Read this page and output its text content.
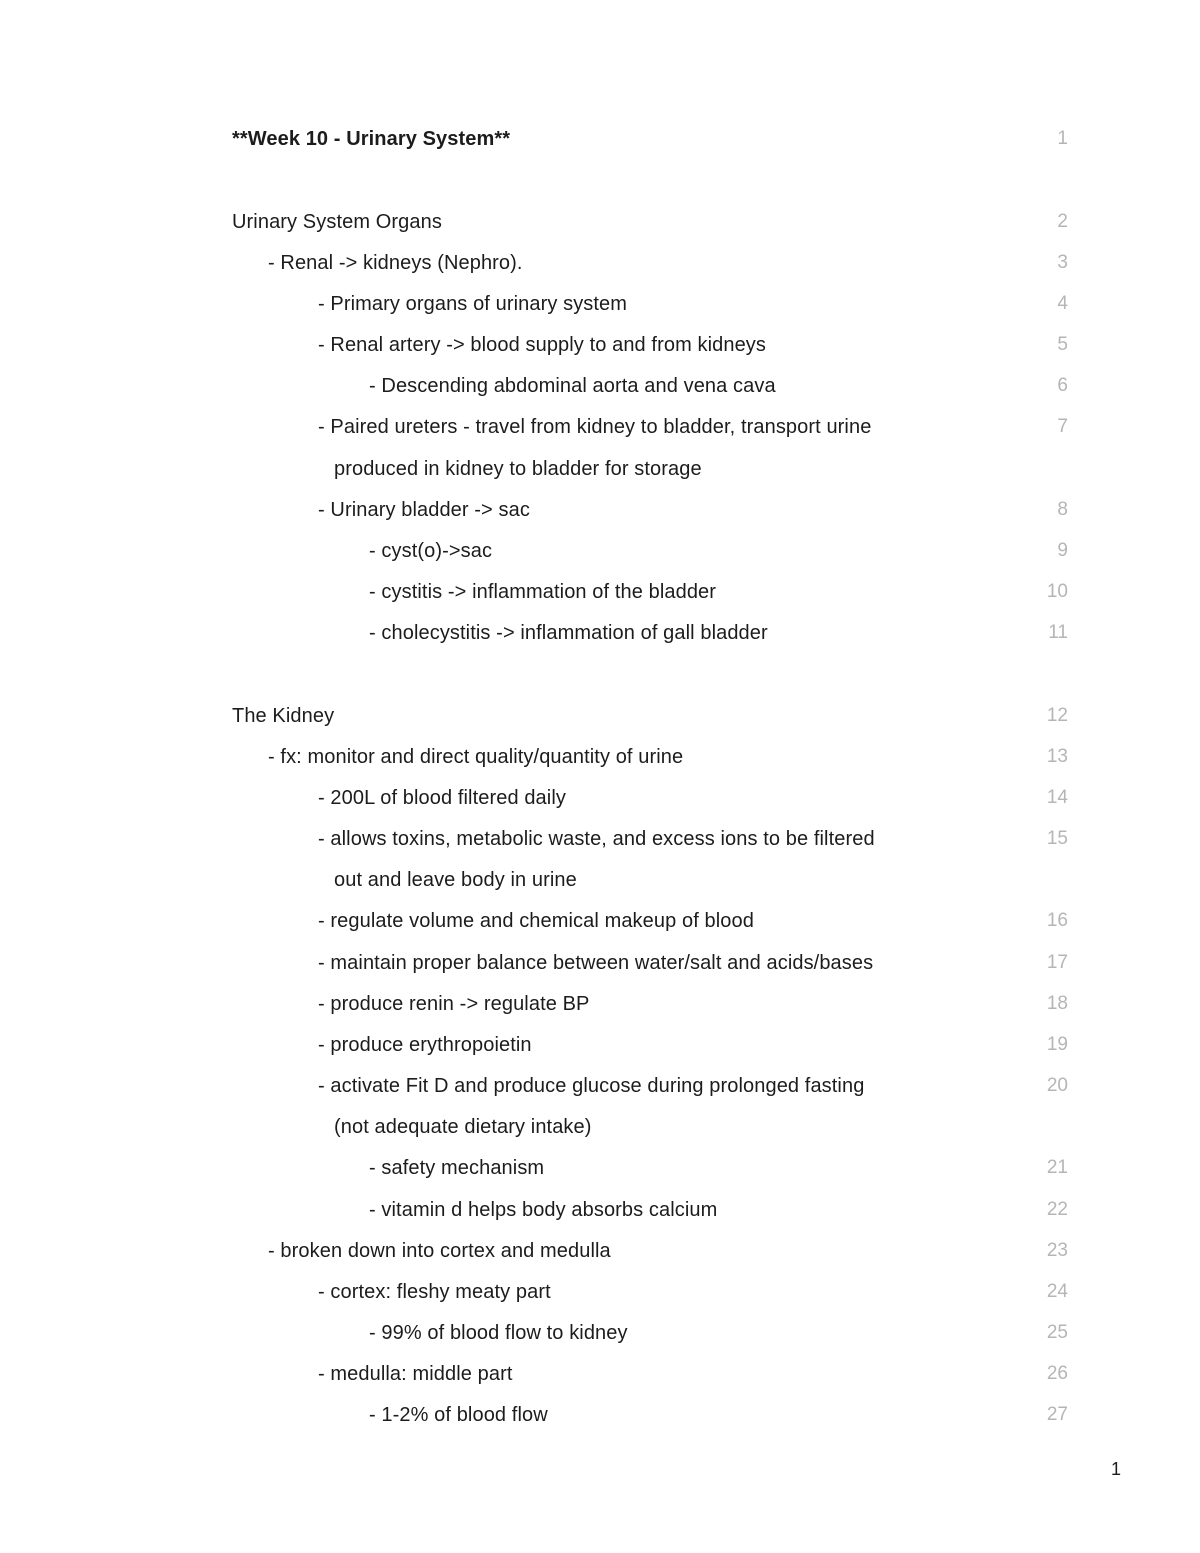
**Week 10 - Urinary System**	1
Urinary System Organs	2
- Renal -> kidneys (Nephro).	3
- Primary organs of urinary system	4
- Renal artery -> blood supply to and from kidneys	5
- Descending abdominal aorta and vena cava	6
- Paired ureters - travel from kidney to bladder, transport urine	7
produced in kidney to bladder for storage
- Urinary bladder -> sac	8
- cyst(o)->sac	9
- cystitis -> inflammation of the bladder	10
- cholecystitis -> inflammation of gall bladder	11
The Kidney	12
- fx: monitor and direct quality/quantity of urine	13
- 200L of blood filtered daily	14
- allows toxins, metabolic waste, and excess ions to be filtered	15
out and leave body in urine
- regulate volume and chemical makeup of blood	16
- maintain proper balance between water/salt and acids/bases	17
- produce renin -> regulate BP	18
- produce erythropoietin	19
- activate Fit D and produce glucose during prolonged fasting	20
(not adequate dietary intake)
- safety mechanism	21
- vitamin d helps body absorbs calcium	22
- broken down into cortex and medulla	23
- cortex: fleshy meaty part	24
- 99% of blood flow to kidney	25
- medulla: middle part	26
- 1-2% of blood flow	27
1
